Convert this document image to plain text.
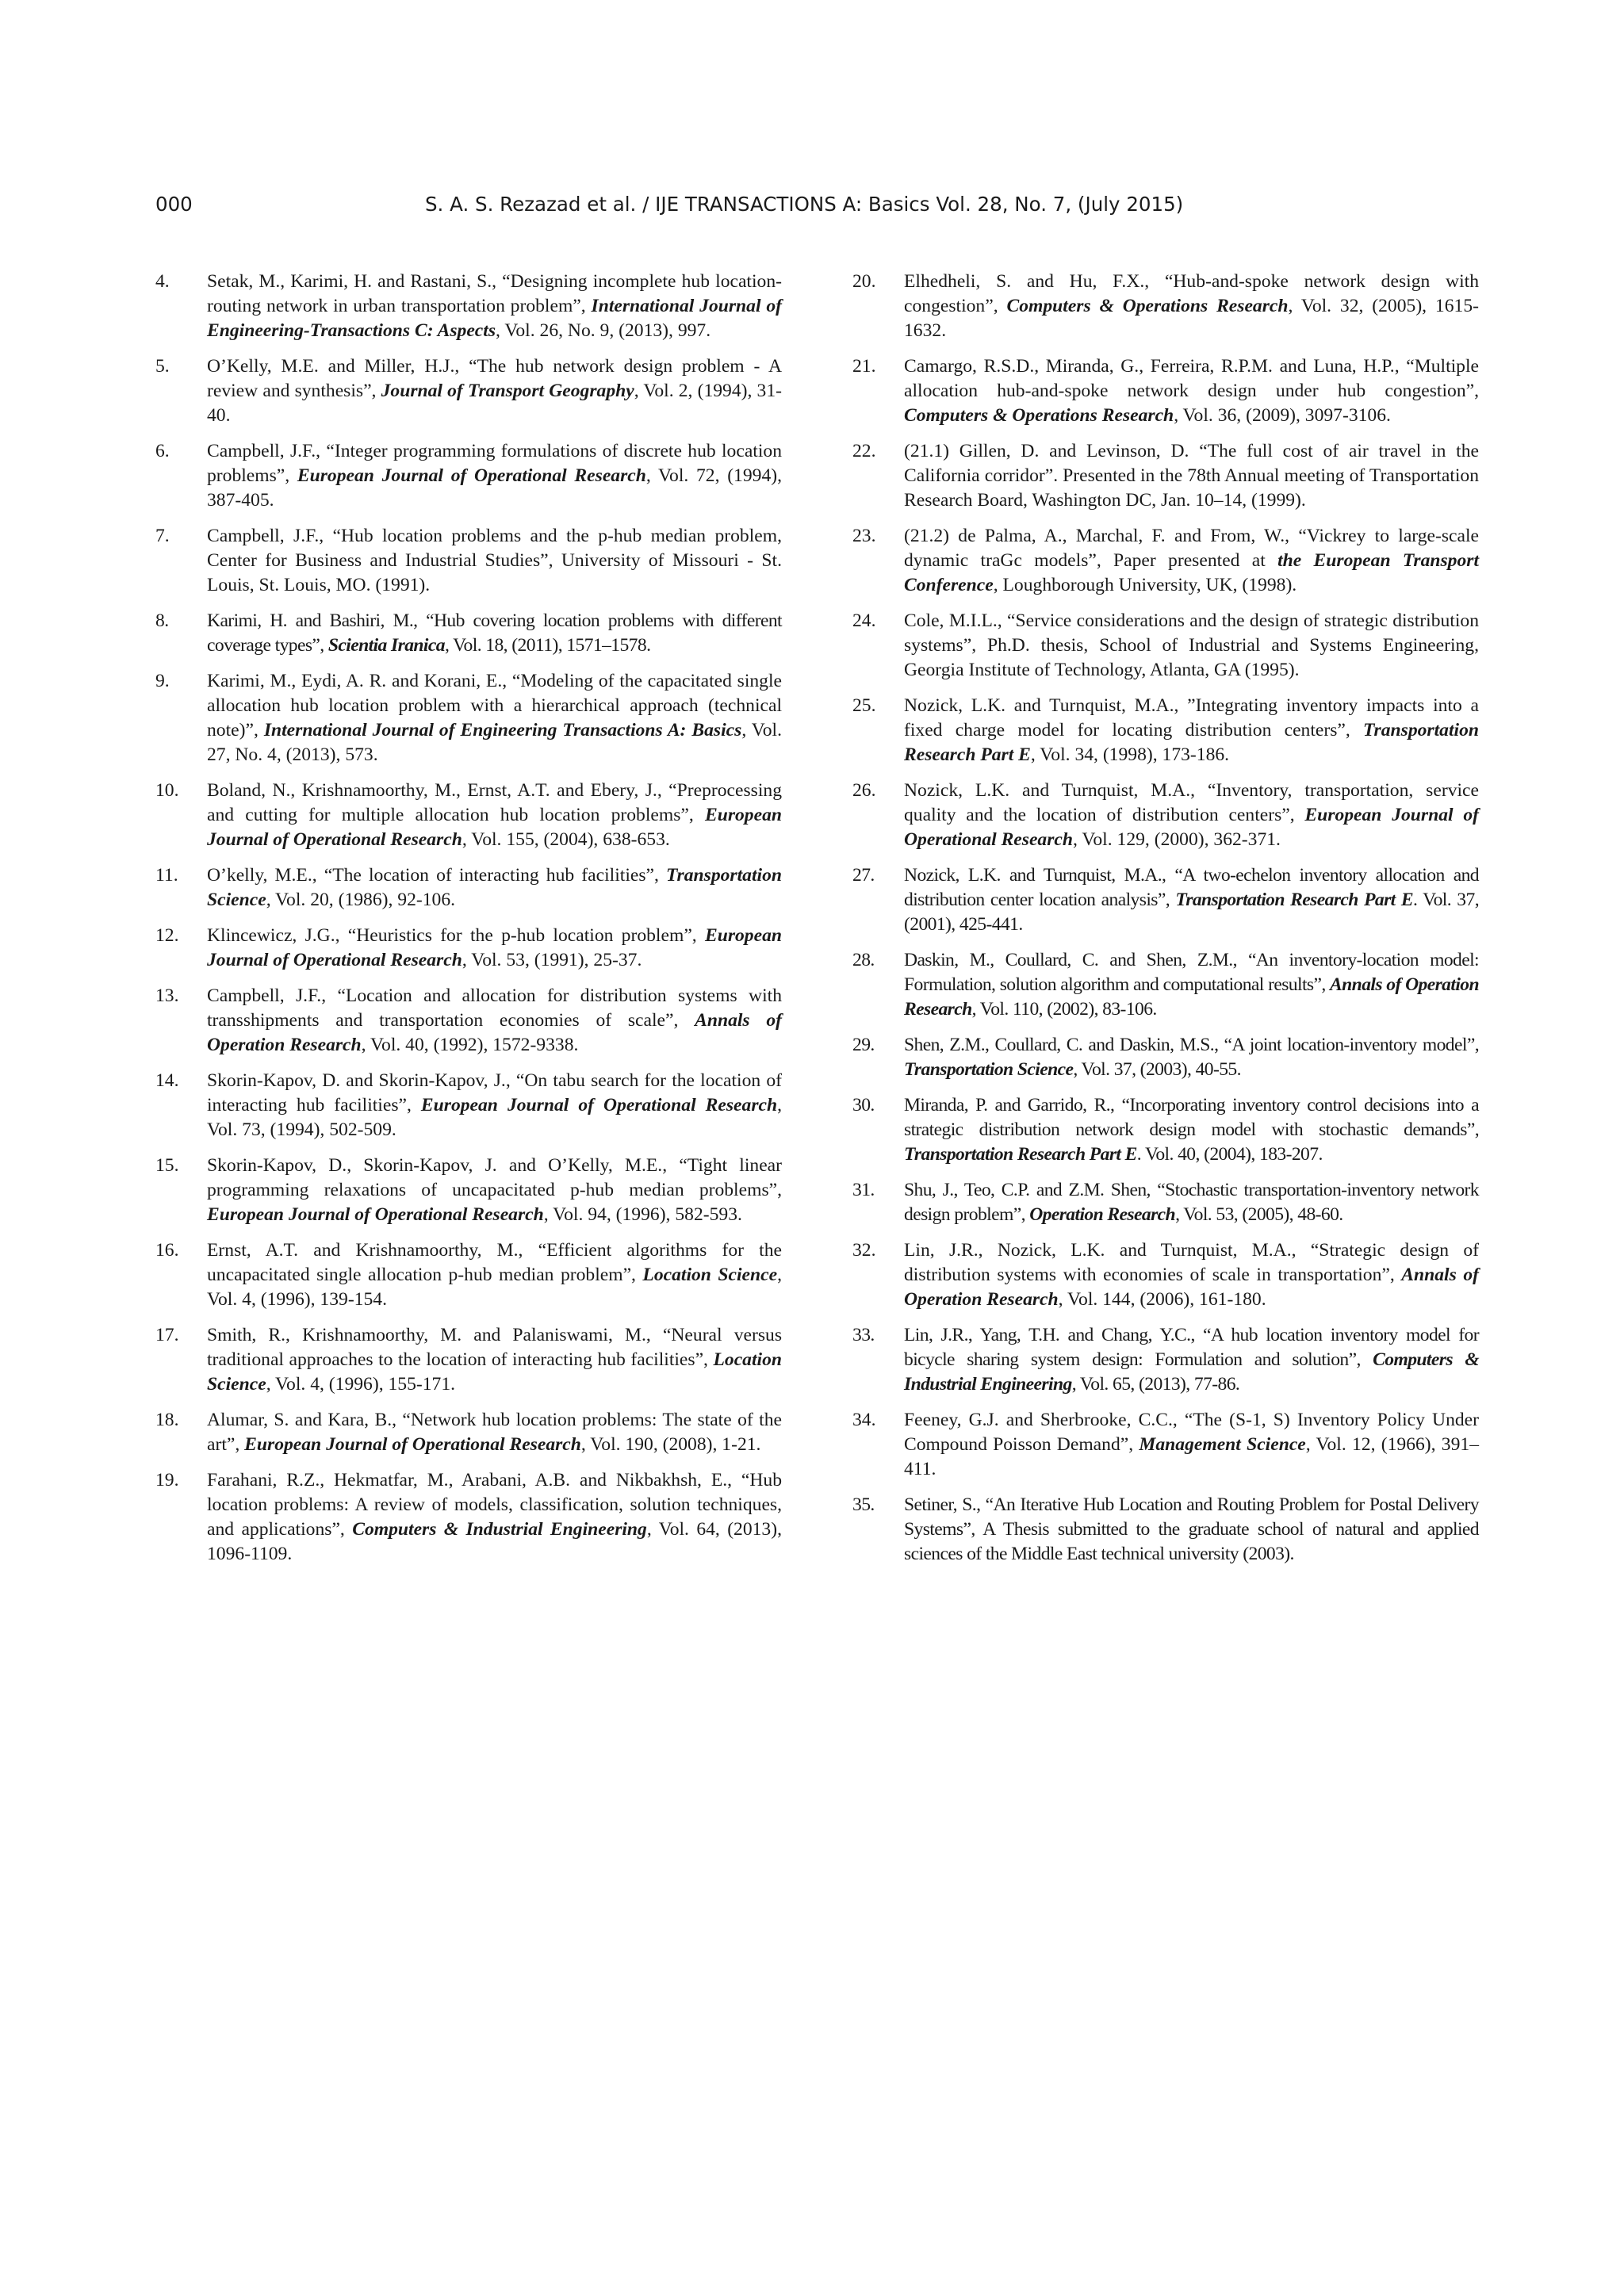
000	S. A. S. Rezazad et al. / IJE TRANSACTIONS A: Basics Vol. 28, No. 7, (July 2015)
4. Setak, M., Karimi, H. and Rastani, S., “Designing incomplete hub location-routing network in urban transportation problem”, International Journal of Engineering-Transactions C: Aspects, Vol. 26, No. 9, (2013), 997.
5. O’Kelly, M.E. and Miller, H.J., “The hub network design problem - A review and synthesis”, Journal of Transport Geography, Vol. 2, (1994), 31-40.
6. Campbell, J.F., “Integer programming formulations of discrete hub location problems”, European Journal of Operational Research, Vol. 72, (1994), 387-405.
7. Campbell, J.F., “Hub location problems and the p-hub median problem, Center for Business and Industrial Studies”, University of Missouri - St. Louis, St. Louis, MO. (1991).
8. Karimi, H. and Bashiri, M., “Hub covering location problems with different coverage types”, Scientia Iranica, Vol. 18, (2011), 1571–1578.
9. Karimi, M., Eydi, A. R. and Korani, E., “Modeling of the capacitated single allocation hub location problem with a hierarchical approach (technical note)”, International Journal of Engineering Transactions A: Basics, Vol. 27, No. 4, (2013), 573.
10. Boland, N., Krishnamoorthy, M., Ernst, A.T. and Ebery, J., “Preprocessing and cutting for multiple allocation hub location problems”, European Journal of Operational Research, Vol. 155, (2004), 638-653.
11. O’kelly, M.E., “The location of interacting hub facilities”, Transportation Science, Vol. 20, (1986), 92-106.
12. Klincewicz, J.G., “Heuristics for the p-hub location problem”, European Journal of Operational Research, Vol. 53, (1991), 25-37.
13. Campbell, J.F., “Location and allocation for distribution systems with transshipments and transportation economies of scale”, Annals of Operation Research, Vol. 40, (1992), 1572-9338.
14. Skorin-Kapov, D. and Skorin-Kapov, J., “On tabu search for the location of interacting hub facilities”, European Journal of Operational Research, Vol. 73, (1994), 502-509.
15. Skorin-Kapov, D., Skorin-Kapov, J. and O’Kelly, M.E., “Tight linear programming relaxations of uncapacitated p-hub median problems”, European Journal of Operational Research, Vol. 94, (1996), 582-593.
16. Ernst, A.T. and Krishnamoorthy, M., “Efficient algorithms for the uncapacitated single allocation p-hub median problem”, Location Science, Vol. 4, (1996), 139-154.
17. Smith, R., Krishnamoorthy, M. and Palaniswami, M., “Neural versus traditional approaches to the location of interacting hub facilities”, Location Science, Vol. 4, (1996), 155-171.
18. Alumar, S. and Kara, B., “Network hub location problems: The state of the art”, European Journal of Operational Research, Vol. 190, (2008), 1-21.
19. Farahani, R.Z., Hekmatfar, M., Arabani, A.B. and Nikbakhsh, E., “Hub location problems: A review of models, classification, solution techniques, and applications”, Computers & Industrial Engineering, Vol. 64, (2013), 1096-1109.
20. Elhedheli, S. and Hu, F.X., “Hub-and-spoke network design with congestion”, Computers & Operations Research, Vol. 32, (2005), 1615-1632.
21. Camargo, R.S.D., Miranda, G., Ferreira, R.P.M. and Luna, H.P., “Multiple allocation hub-and-spoke network design under hub congestion”, Computers & Operations Research, Vol. 36, (2009), 3097-3106.
22. (21.1) Gillen, D. and Levinson, D. “The full cost of air travel in the California corridor”. Presented in the 78th Annual meeting of Transportation Research Board, Washington DC, Jan. 10–14, (1999).
23. (21.2) de Palma, A., Marchal, F. and From, W., “Vickrey to large-scale dynamic traGc models”, Paper presented at the European Transport Conference, Loughborough University, UK, (1998).
24. Cole, M.I.L., “Service considerations and the design of strategic distribution systems”, Ph.D. thesis, School of Industrial and Systems Engineering, Georgia Institute of Technology, Atlanta, GA (1995).
25. Nozick, L.K. and Turnquist, M.A., ”Integrating inventory impacts into a fixed charge model for locating distribution centers”, Transportation Research Part E, Vol. 34, (1998), 173-186.
26. Nozick, L.K. and Turnquist, M.A., “Inventory, transportation, service quality and the location of distribution centers”, European Journal of Operational Research, Vol. 129, (2000), 362-371.
27. Nozick, L.K. and Turnquist, M.A., “A two-echelon inventory allocation and distribution center location analysis”, Transportation Research Part E. Vol. 37, (2001), 425-441.
28. Daskin, M., Coullard, C. and Shen, Z.M., “An inventory-location model: Formulation, solution algorithm and computational results”, Annals of Operation Research, Vol. 110, (2002), 83-106.
29. Shen, Z.M., Coullard, C. and Daskin, M.S., “A joint location-inventory model”, Transportation Science, Vol. 37, (2003), 40-55.
30. Miranda, P. and Garrido, R., “Incorporating inventory control decisions into a strategic distribution network design model with stochastic demands”, Transportation Research Part E. Vol. 40, (2004), 183-207.
31. Shu, J., Teo, C.P. and Z.M. Shen, “Stochastic transportation-inventory network design problem”, Operation Research, Vol. 53, (2005), 48-60.
32. Lin, J.R., Nozick, L.K. and Turnquist, M.A., “Strategic design of distribution systems with economies of scale in transportation”, Annals of Operation Research, Vol. 144, (2006), 161-180.
33. Lin, J.R., Yang, T.H. and Chang, Y.C., “A hub location inventory model for bicycle sharing system design: Formulation and solution”, Computers & Industrial Engineering, Vol. 65, (2013), 77-86.
34. Feeney, G.J. and Sherbrooke, C.C., “The (S-1, S) Inventory Policy Under Compound Poisson Demand”, Management Science, Vol. 12, (1966), 391–411.
35. Setiner, S., “An Iterative Hub Location and Routing Problem for Postal Delivery Systems”, A Thesis submitted to the graduate school of natural and applied sciences of the Middle East technical university (2003).
